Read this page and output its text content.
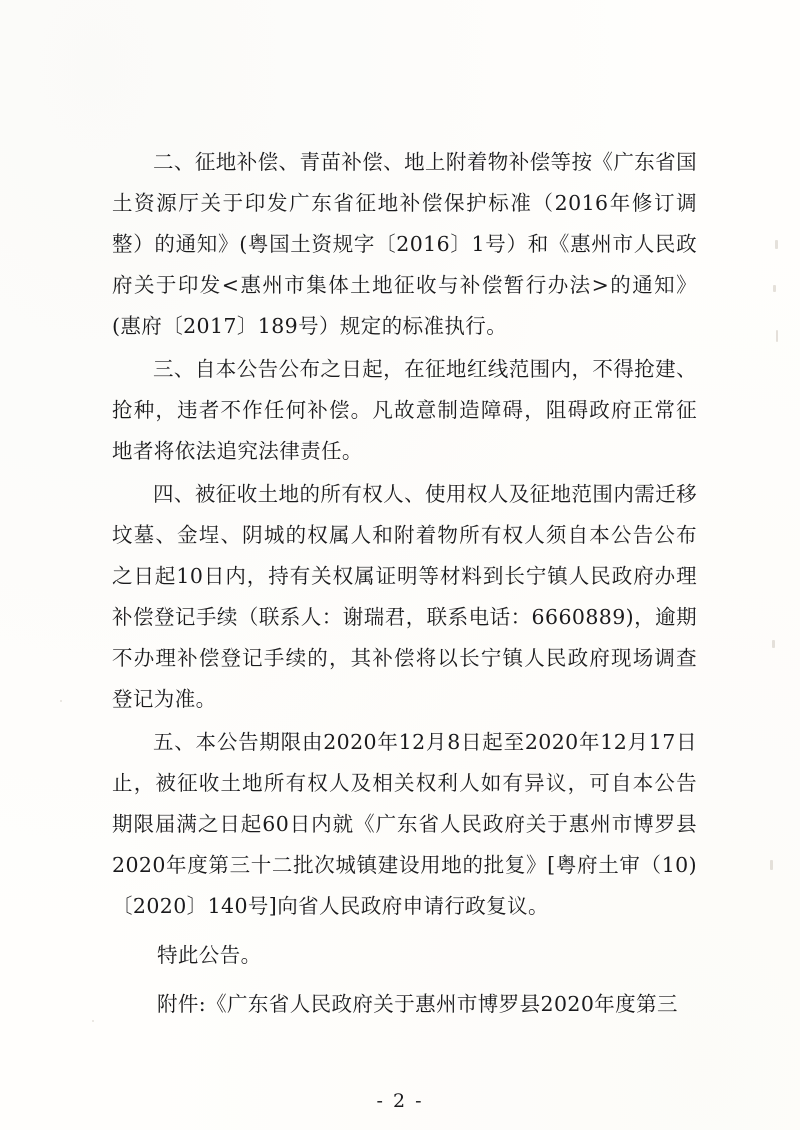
二、征地补偿、青苗补偿、地上附着物补偿等按《广东省国土资源厅关于印发广东省征地补偿保护标准（2016年修订调整）的通知》(粤国土资规字〔2016〕1号）和《惠州市人民政府关于印发<惠州市集体土地征收与补偿暂行办法>的通知》(惠府〔2017〕189号）规定的标准执行。

三、自本公告公布之日起，在征地红线范围内，不得抢建、抢种，违者不作任何补偿。凡故意制造障碍，阻碍政府正常征地者将依法追究法律责任。

四、被征收土地的所有权人、使用权人及征地范围内需迁移坟墓、金埕、阴城的权属人和附着物所有权人须自本公告公布之日起10日内，持有关权属证明等材料到长宁镇人民政府办理补偿登记手续（联系人：谢瑞君，联系电话：6660889)，逾期不办理补偿登记手续的，其补偿将以长宁镇人民政府现场调查登记为准。

五、本公告期限由2020年12月8日起至2020年12月17日止，被征收土地所有权人及相关权利人如有异议，可自本公告期限届满之日起60日内就《广东省人民政府关于惠州市博罗县2020年度第三十二批次城镇建设用地的批复》[粤府土审（10)〔2020〕140号]向省人民政府申请行政复议。

特此公告。

附件:《广东省人民政府关于惠州市博罗县2020年度第三

- 2 -
